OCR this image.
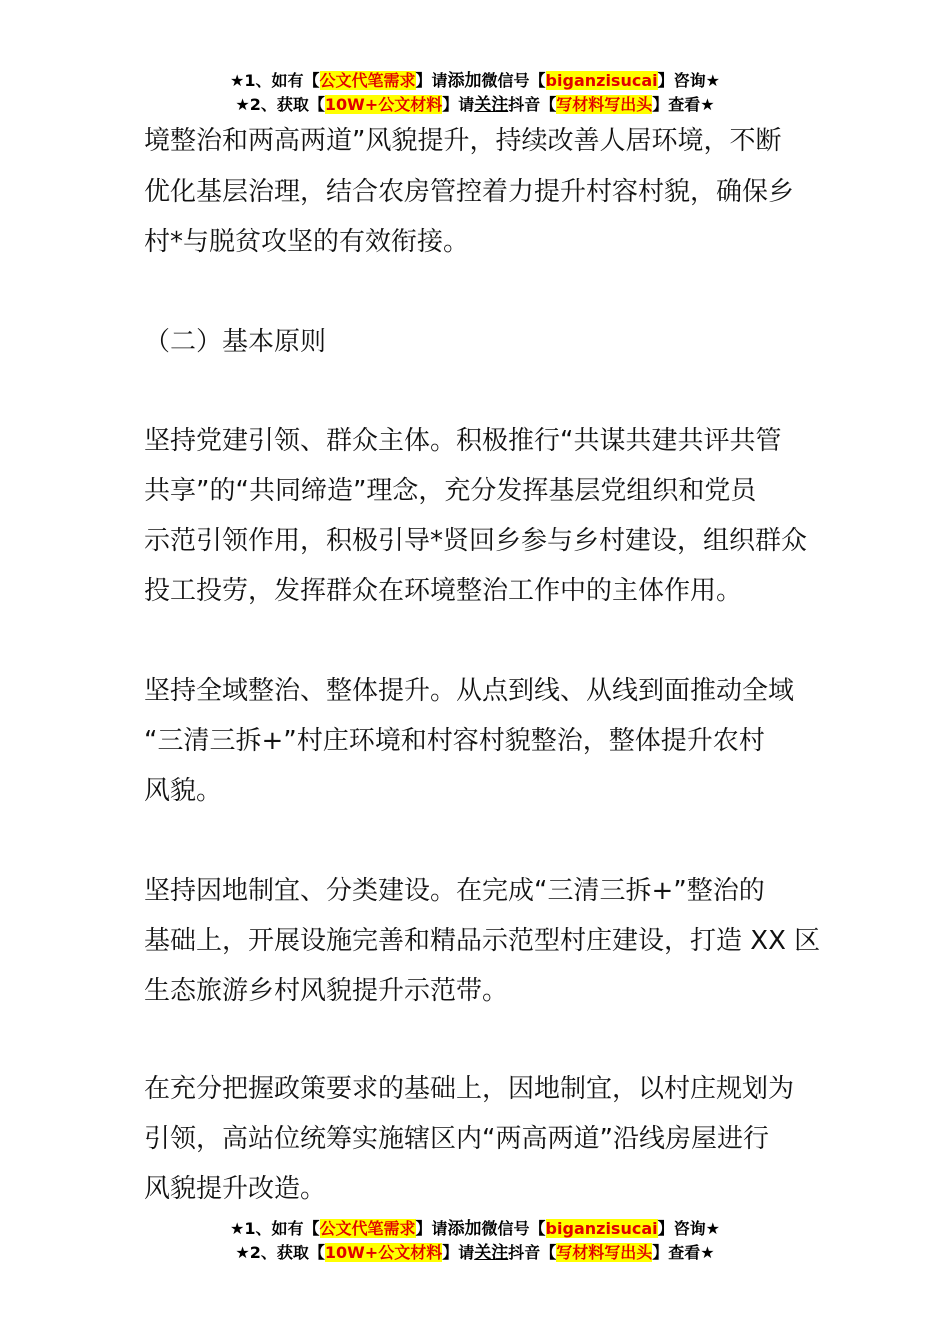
★1、如有【公文代笔需求】请添加微信号【biganzisucai】咨询★
★2、获取【10W+公文材料】请关注抖音【写材料写出头】查看★
境整治和两高两道”风貌提升，持续改善人居环境，不断
优化基层治理，结合农房管控着力提升村容村貌，确保乡
村*与脱贫攻坚的有效衔接。
（二）基本原则
坚持党建引领、群众主体。积极推行“共谋共建共评共管
共享”的“共同缔造”理念，充分发挥基层党组织和党员
示范引领作用，积极引导*贤回乡参与乡村建设，组织群众
投工投劳，发挥群众在环境整治工作中的主体作用。
坚持全域整治、整体提升。从点到线、从线到面推动全域
“三清三拆+”村庄环境和村容村貌整治，整体提升农村
风貌。
坚持因地制宜、分类建设。在完成“三清三拆+”整治的
基础上，开展设施完善和精品示范型村庄建设，打造 XX 区
生态旅游乡村风貌提升示范带。
在充分把握政策要求的基础上，因地制宜，以村庄规划为
引领，高站位统筹实施辖区内“两高两道”沿线房屋进行
风貌提升改造。
★1、如有【公文代笔需求】请添加微信号【biganzisucai】咨询★
★2、获取【10W+公文材料】请关注抖音【写材料写出头】查看★
